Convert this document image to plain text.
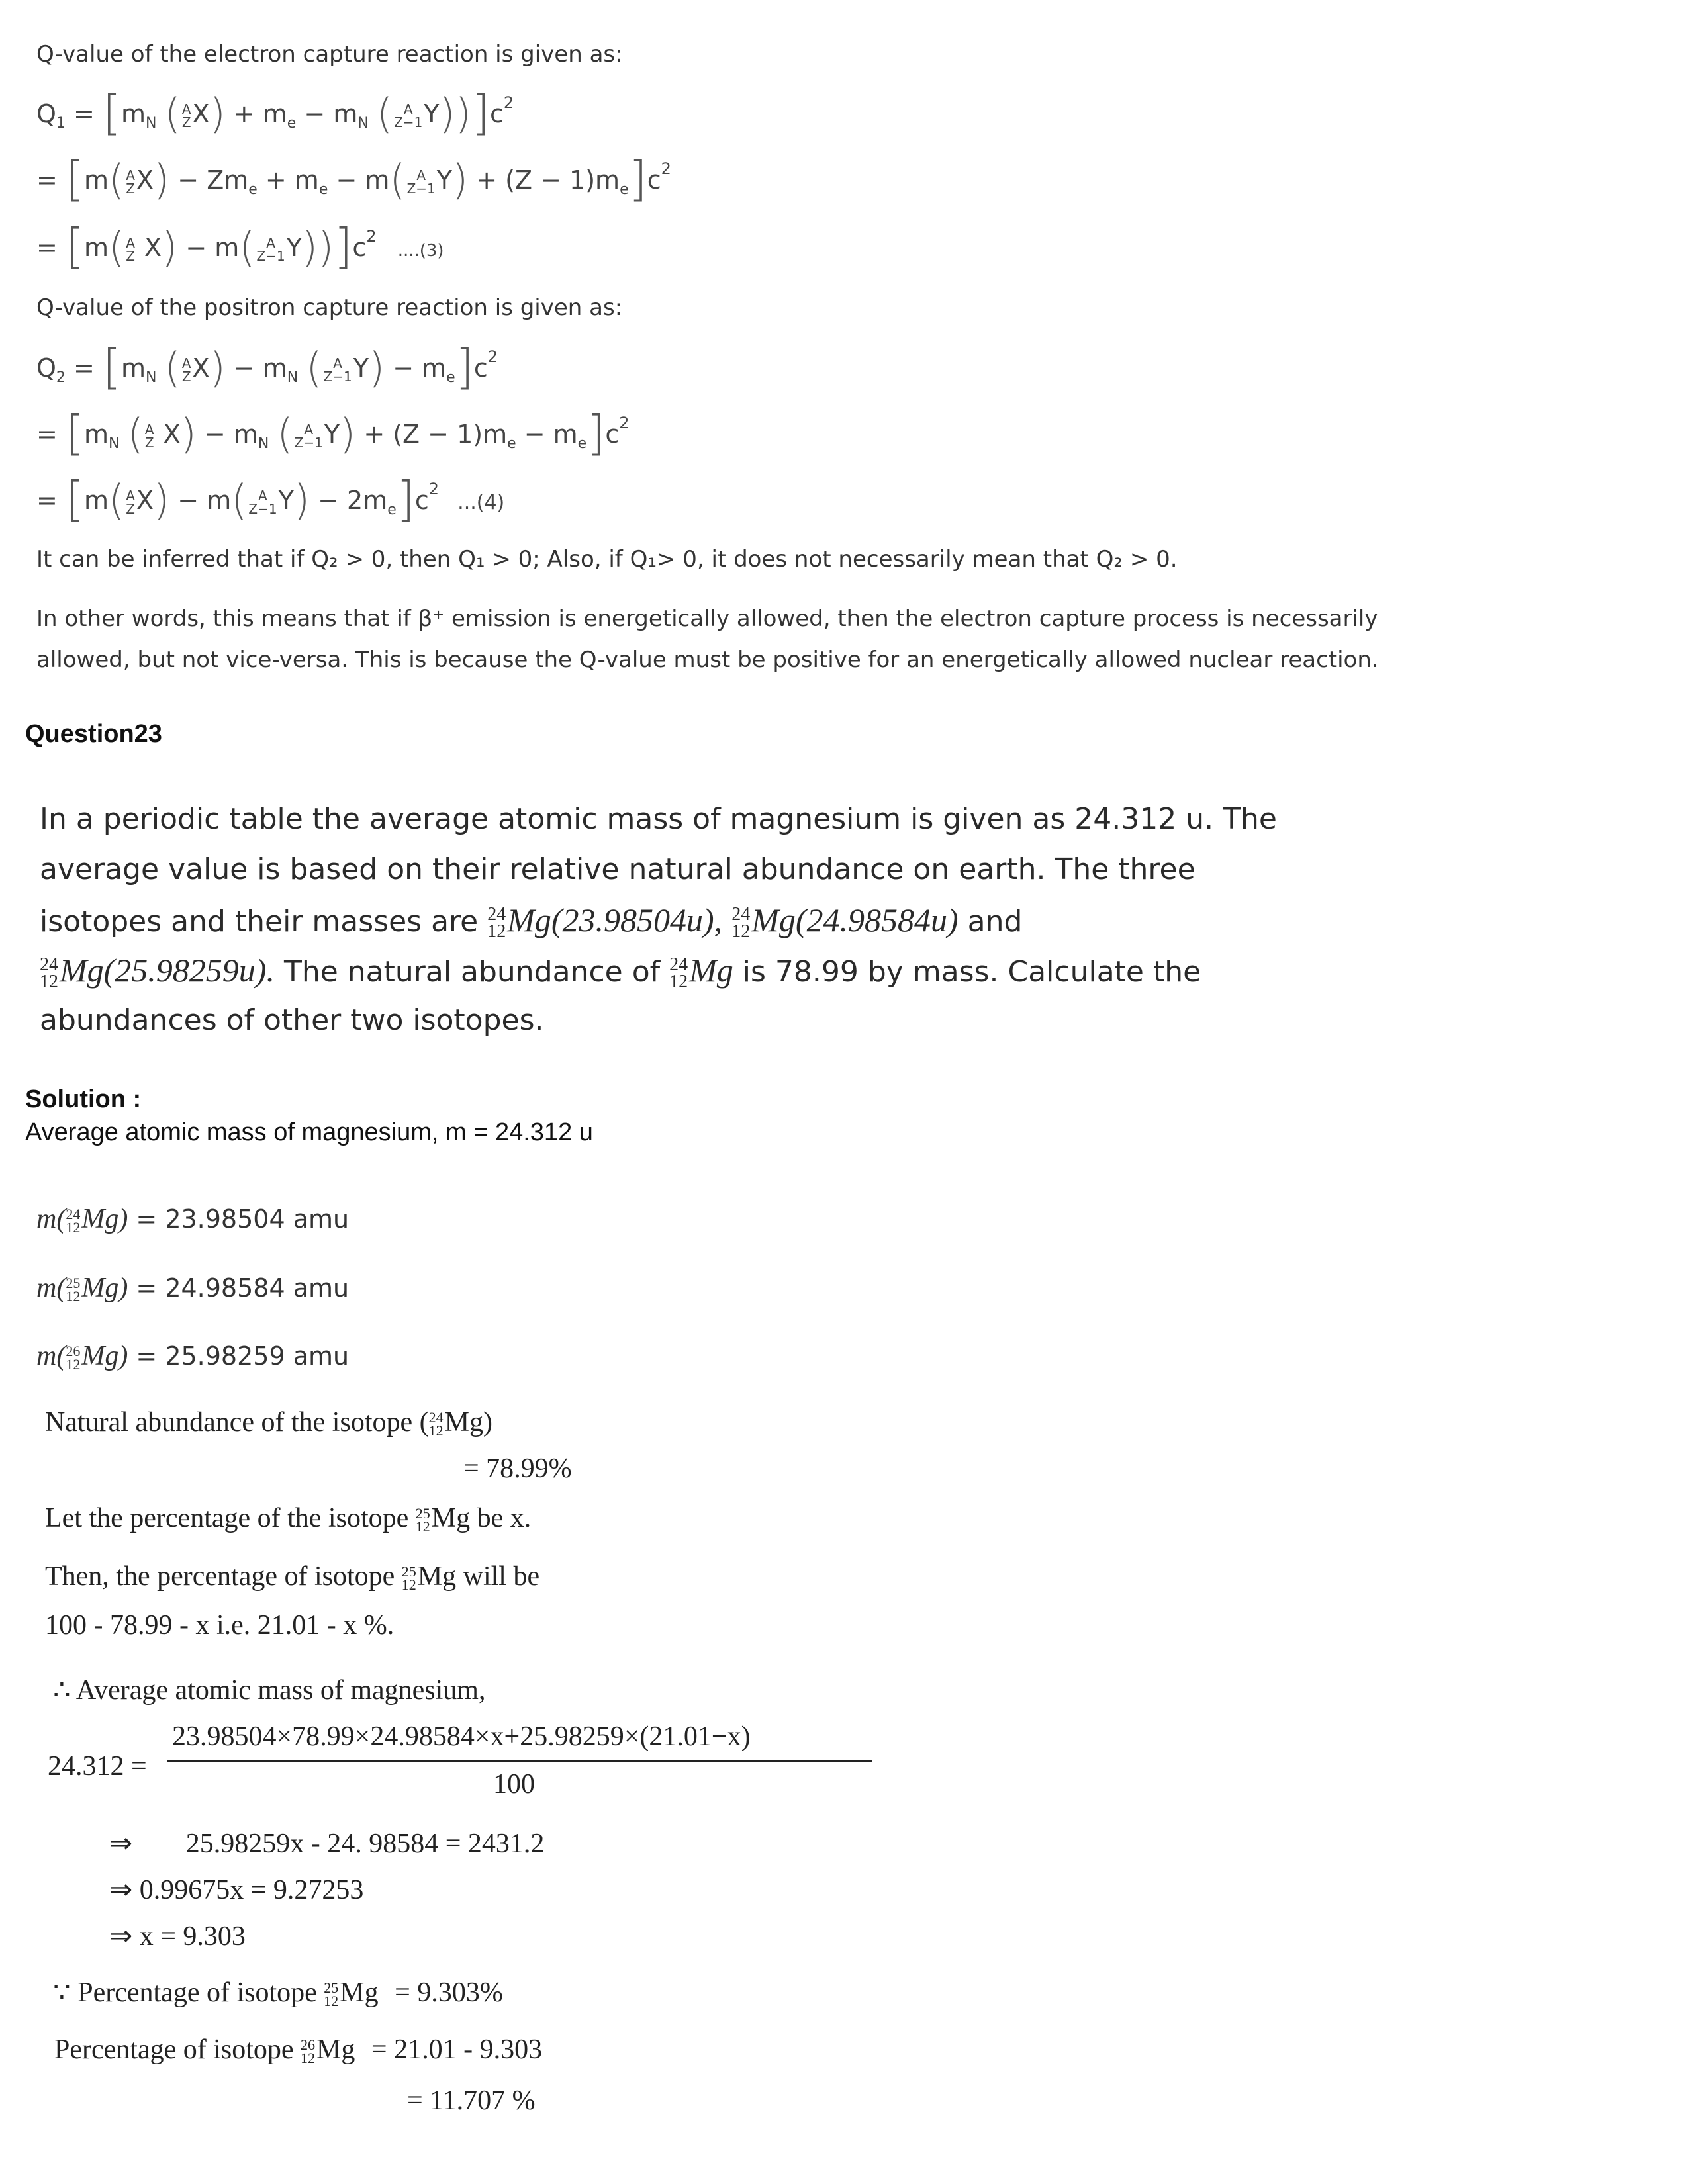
Q-value of the electron capture reaction is given as:
$Q_1 = [m_N$ ( A
Z $X) + m_e - m_N$ ( A
Z−1 $Y))]c^2$
= [m( A
Z $X) - Zm_e + m_e - m$( A
Z−1 $Y) + (Z - 1)m_e]c^2$
= [m( A
Z X) − m( A
Z−1 $Y))]c^2$ ....(3)
Q-value of the positron capture reaction is given as:
$Q_2 = [m_N$ ( A
Z $X) - m_N$ ( A
Z−1 $Y) - m_e]c^2$
= [$m_N$ ( A
Z $X) - m_N$ ( A
Z−1 $Y) + (Z - 1)m_e - m_e]c^2$
= [m( A
Z X) − m( A
Z−1 $Y) - 2m_e]c^2$ ...(4)
It can be inferred that if Q₂ > 0, then Q₁ > 0; Also, if Q₁> 0, it does not necessarily mean that Q₂ > 0.
In other words, this means that if β⁺ emission is energetically allowed, then the electron capture process is necessarily
allowed, but not vice-versa. This is because the Q-value must be positive for an energetically allowed nuclear reaction.
Question23
In a periodic table the average atomic mass of magnesium is given as 24.312 u. The
average value is based on their relative natural abundance on earth. The three
isotopes and their masses are 24
12 Mg(23.98504u), 24
12 Mg(24.98584u) and
24
12 Mg(25.98259u). The natural abundance of 24
12 Mg is 78.99 by mass. Calculate the
abundances of other two isotopes.
Solution :
Average atomic mass of magnesium, m = 24.312 u
m( 24
12 Mg) = 23.98504 amu
m( 25
12 Mg) = 24.98584 amu
m( 26
12 Mg) = 25.98259 amu
Natural abundance of the isotope ( 24
12 Mg)
= 78.99%
Let the percentage of the isotope 25
12 Mg be x.
Then, the percentage of isotope 25
12 Mg will be
100 - 78.99 - x i.e. 21.01 - x %.
∴ Average atomic mass of magnesium,
24.312 =
23.98504×78.99×24.98584×x+25.98259×(21.01−x)
100
⇒ 25.98259x - 24. 98584 = 2431.2
⇒ 0.99675x = 9.27253
⇒ x = 9.303
∵ Percentage of isotope 25
12 Mg = 9.303%
Percentage of isotope 26
12 Mg = 21.01 - 9.303
= 11.707 %
